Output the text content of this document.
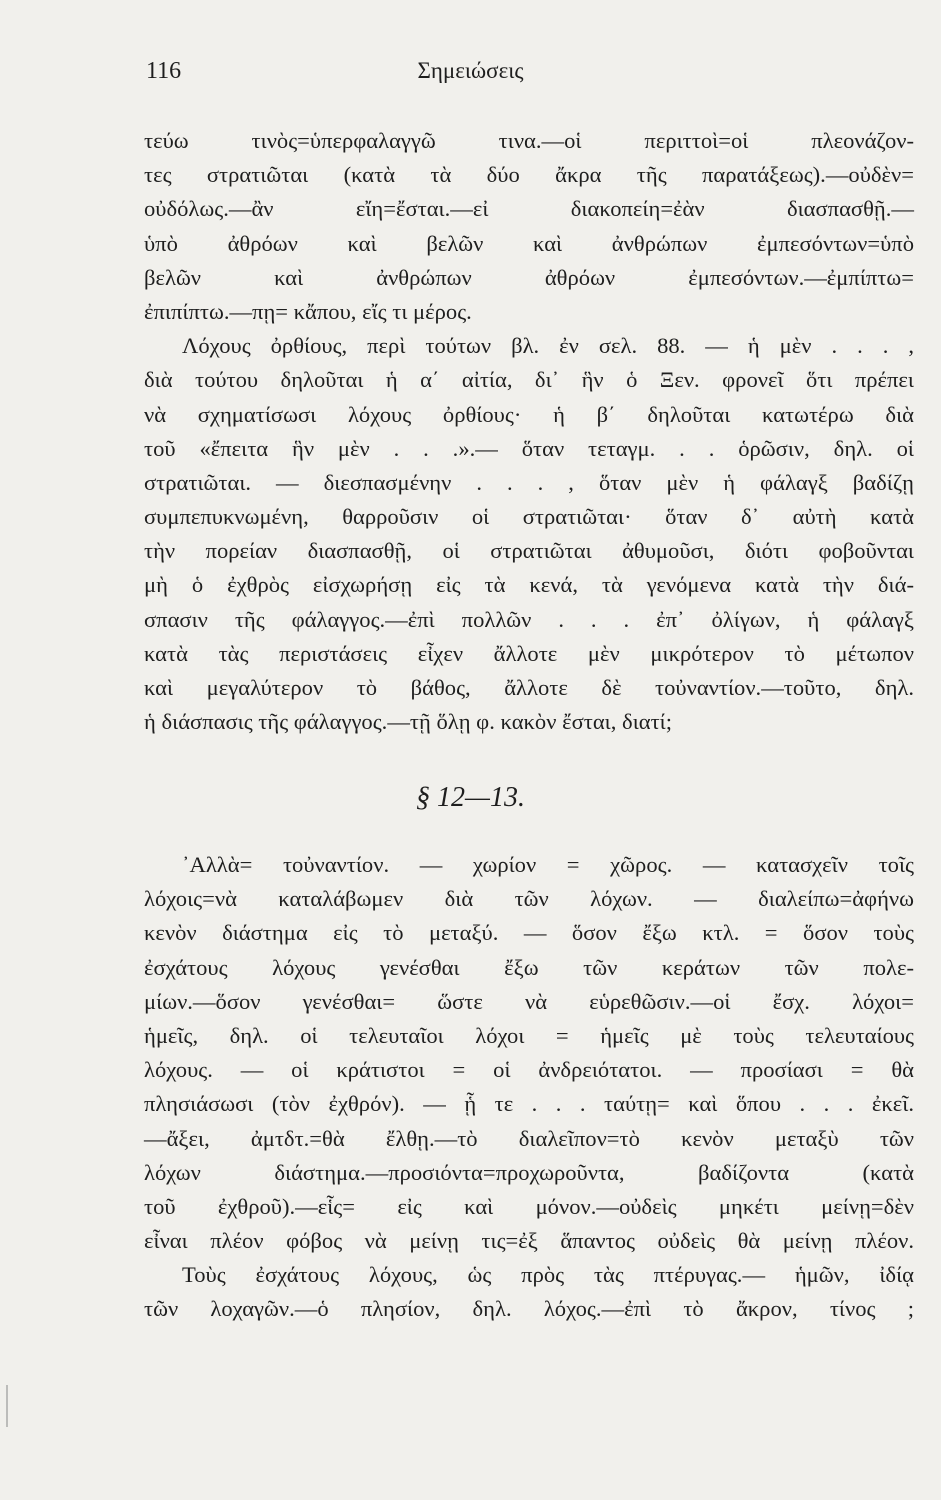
116	Σημειώσεις
τεύω τινὸς=ὑπερφαλαγγῶ τινα.—οἱ περιττοὶ=οἱ πλεονάζον-
τες στρατιῶται (κατὰ τὰ δύο ἄκρα τῆς παρατάξεως).—οὐδὲν=
οὐδόλως.—ἂν εἴη=ἔσται.—εἰ διακοπείη=ἐὰν διασπασθῇ.—
ὑπὸ ἀθρόων καὶ βελῶν καὶ ἀνθρώπων ἐμπεσόντων=ὑπὸ
βελῶν καὶ ἀνθρώπων ἀθρόων ἐμπεσόντων.—ἐμπίπτω=
ἐπιπίπτω.—πῃ= κἄπου, εἴς τι μέρος.
Λόχους ὀρθίους, περὶ τούτων βλ. ἐν σελ. 88. — ἡ μὲν . . . ,
διὰ τούτου δηλοῦται ἡ α΄ αἰτία, δι᾽ ἣν ὁ Ξεν. φρονεῖ ὅτι πρέπει
νὰ σχηματίσωσι λόχους ὀρθίους· ἡ β΄ δηλοῦται κατωτέρω διὰ
τοῦ «ἔπειτα ἣν μὲν . . .».— ὅταν τεταγμ. . . ὁρῶσιν, δηλ. οἱ
στρατιῶται. — διεσπασμένην . . . , ὅταν μὲν ἡ φάλαγξ βαδίζῃ
συμπεπυκνωμένη, θαρροῦσιν οἱ στρατιῶται· ὅταν δ᾽ αὐτὴ κατὰ
τὴν πορείαν διασπασθῇ, οἱ στρατιῶται ἀθυμοῦσι, διότι φοβοῦνται
μὴ ὁ ἐχθρὸς εἰσχωρήσῃ εἰς τὰ κενά, τὰ γενόμενα κατὰ τὴν διά-
σπασιν τῆς φάλαγγος.—ἐπὶ πολλῶν . . . ἐπ᾽ ὀλίγων, ἡ φάλαγξ
κατὰ τὰς περιστάσεις εἶχεν ἄλλοτε μὲν μικρότερον τὸ μέτωπον
καὶ μεγαλύτερον τὸ βάθος, ἄλλοτε δὲ τοὐναντίον.—τοῦτο, δηλ.
ἡ διάσπασις τῆς φάλαγγος.—τῇ ὅλῃ φ. κακὸν ἔσται, διατί;
§ 12—13.
᾽Αλλὰ= τοὐναντίον. — χωρίον = χῶρος. — κατασχεῖν τοῖς
λόχοις=νὰ καταλάβωμεν διὰ τῶν λόχων. — διαλείπω=ἀφήνω
κενὸν διάστημα εἰς τὸ μεταξύ. — ὅσον ἔξω κτλ. = ὅσον τοὺς
ἐσχάτους λόχους γενέσθαι ἔξω τῶν κεράτων τῶν πολε-
μίων.—ὅσον γενέσθαι= ὥστε νὰ εὑρεθῶσιν.—οἱ ἔσχ. λόχοι=
ἡμεῖς, δηλ. οἱ τελευταῖοι λόχοι = ἡμεῖς μὲ τοὺς τελευταίους
λόχους. — οἱ κράτιστοι = οἱ ἀνδρειότατοι. — προσίασι = θὰ
πλησιάσωσι (τὸν ἐχθρόν). — ᾗ τε . . . ταύτῃ= καὶ ὅπου . . . ἐκεῖ.
—ἄξει, ἀμτδτ.=θὰ ἔλθῃ.—τὸ διαλεῖπον=τὸ κενὸν μεταξὺ τῶν
λόχων διάστημα.—προσιόντα=προχωροῦντα, βαδίζοντα (κατὰ
τοῦ ἐχθροῦ).—εἷς= εἰς καὶ μόνον.—οὐδεὶς μηκέτι μείνῃ=δὲν
εἶναι πλέον φόβος νὰ μείνῃ τις=ἐξ ἅπαντος οὐδεὶς θὰ μείνῃ πλέον.
Τοὺς ἐσχάτους λόχους, ὡς πρὸς τὰς πτέρυγας.— ἡμῶν, ἰδίᾳ
τῶν λοχαγῶν.—ὁ πλησίον, δηλ. λόχος.—ἐπὶ τὸ ἄκρον, τίνος ;
